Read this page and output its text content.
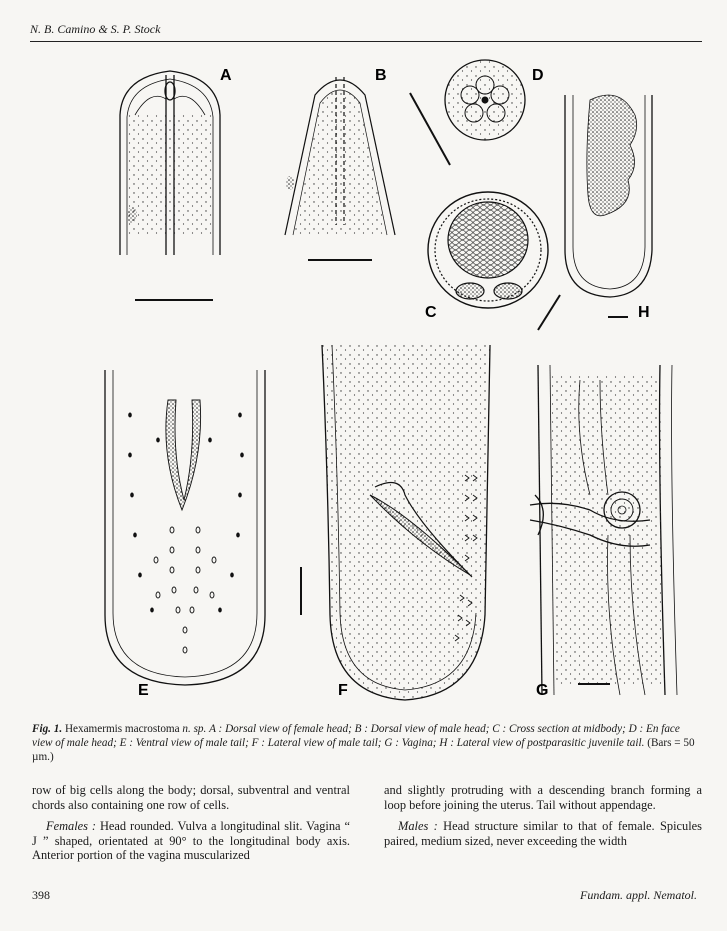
N. B. Camino & S. P. Stock
A	B	D
C	H
E	F	G
Fig. 1. Hexamermis macrostoma n. sp. A : Dorsal view of female head; B : Dorsal view of male head; C : Cross section at midbody; D : En face view of male head; E : Ventral view of male tail; F : Lateral view of male tail; G : Vagina; H : Lateral view of postparasitic juvenile tail. (Bars = 50 µm.)

row of big cells along the body; dorsal, subventral and ventral chords also containing one row of cells.

Females : Head rounded. Vulva a longitudinal slit. Vagina “ J ” shaped, orientated at 90° to the longitudinal body axis. Anterior portion of the vagina muscularized

and slightly protruding with a descending branch forming a loop before joining the uterus. Tail without appendage.

Males : Head structure similar to that of female. Spicules paired, medium sized, never exceeding the width

398	Fundam. appl. Nematol.
